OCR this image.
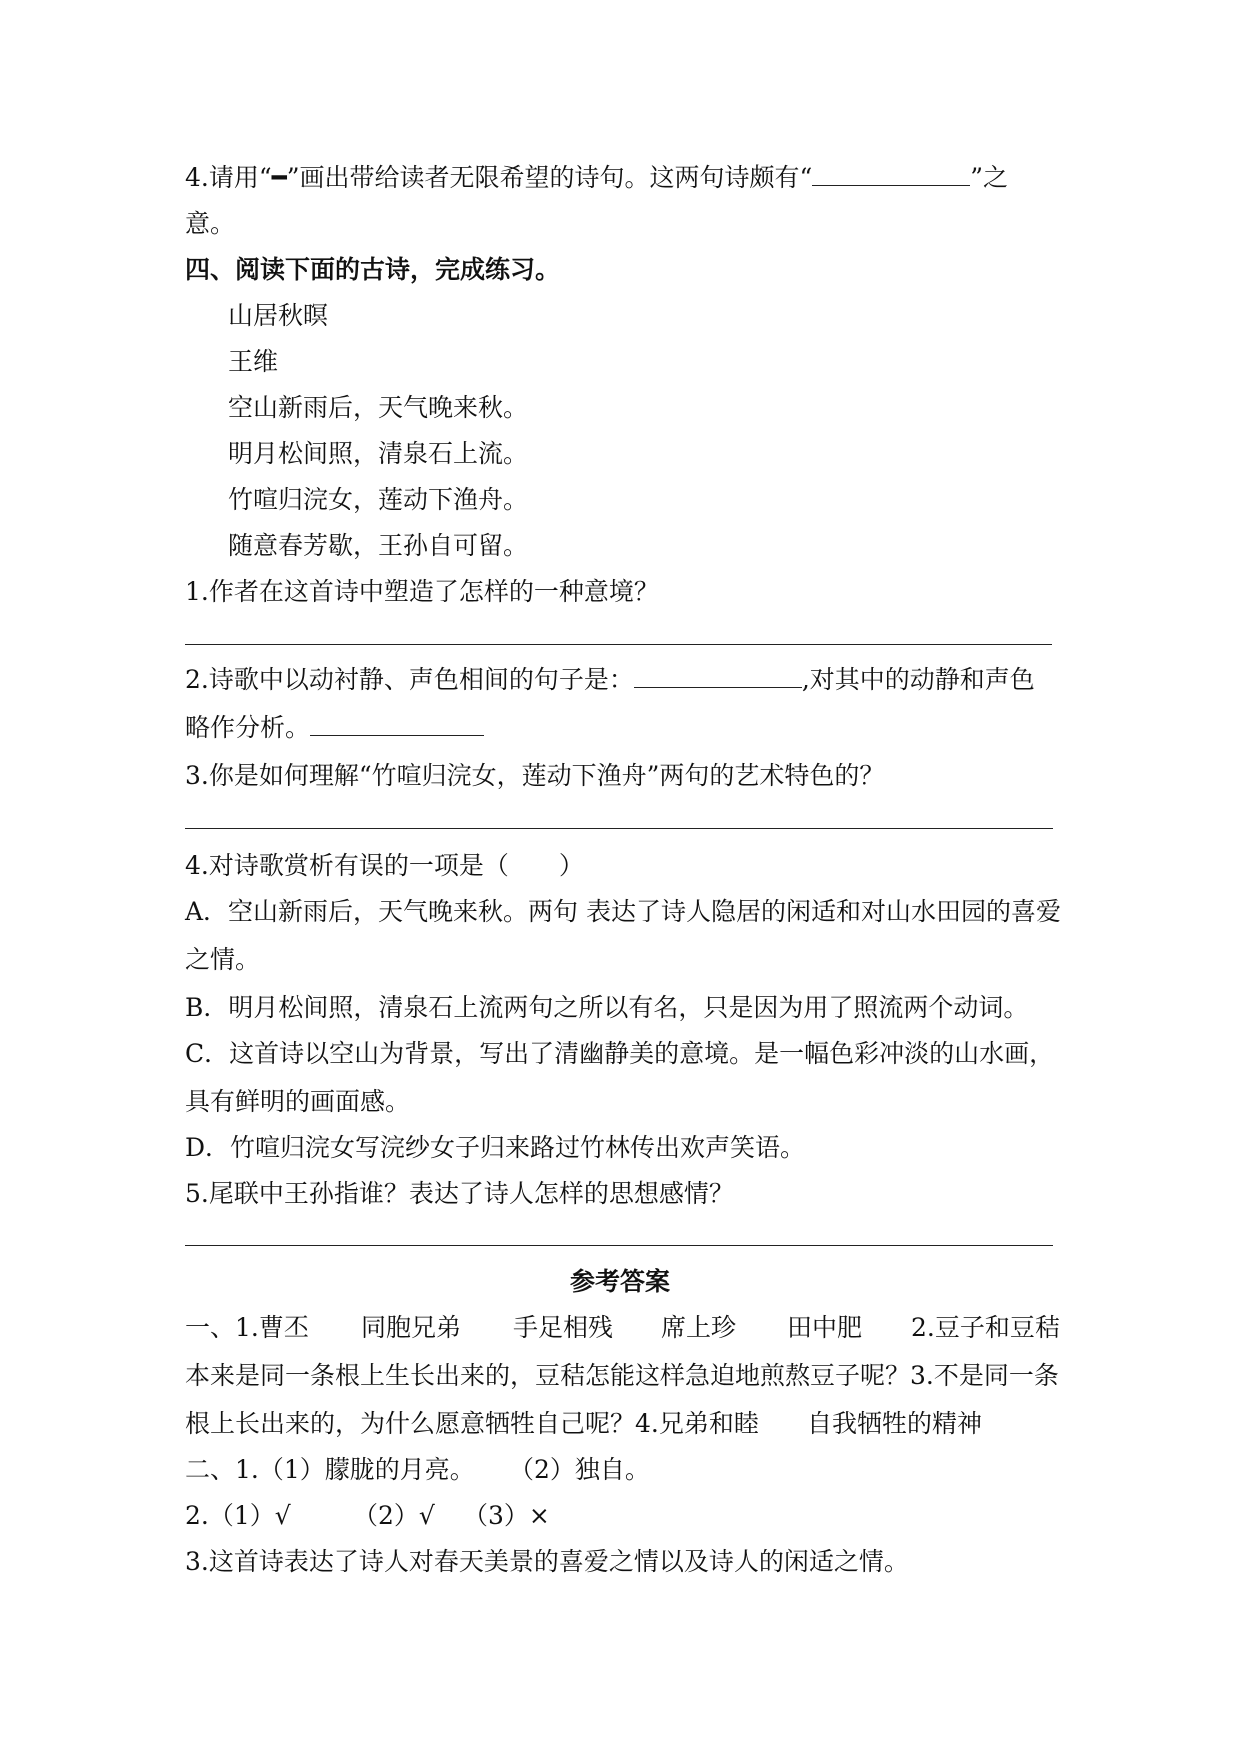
4.请用“━”画出带给读者无限希望的诗句。这两句诗颇有“	”之
意。
四、阅读下面的古诗，完成练习。
山居秋暝
王维
空山新雨后，天气晚来秋。
明月松间照，清泉石上流。
竹喧归浣女，莲动下渔舟。
随意春芳歇，王孙自可留。
1.作者在这首诗中塑造了怎样的一种意境？
2.诗歌中以动衬静、声色相间的句子是：	,对其中的动静和声色
略作分析。
3.你是如何理解“竹喧归浣女，莲动下渔舟”两句的艺术特色的？
4.对诗歌赏析有误的一项是（　　）
A．空山新雨后，天气晚来秋。两句 表达了诗人隐居的闲适和对山水田园的喜爱
之情。
B．明月松间照，清泉石上流两句之所以有名，只是因为用了照流两个动词。
C．这首诗以空山为背景，写出了清幽静美的意境。是一幅色彩冲淡的山水画，
具有鲜明的画面感。
D．竹喧归浣女写浣纱女子归来路过竹林传出欢声笑语。
5.尾联中王孙指谁？表达了诗人怎样的思想感情？
参考答案
一、1.曹丕 同胞兄弟 手足相残 席上珍 田中肥 2.豆子和豆秸
本来是同一条根上生长出来的，豆秸怎能这样急迫地煎熬豆子呢？3.不是同一条
根上长出来的，为什么愿意牺牲自己呢？4.兄弟和睦 自我牺牲的精神
二、1.（1）朦胧的月亮。 （2）独自。
2.（1）√ （2）√ （3）×
3.这首诗表达了诗人对春天美景的喜爱之情以及诗人的闲适之情。
